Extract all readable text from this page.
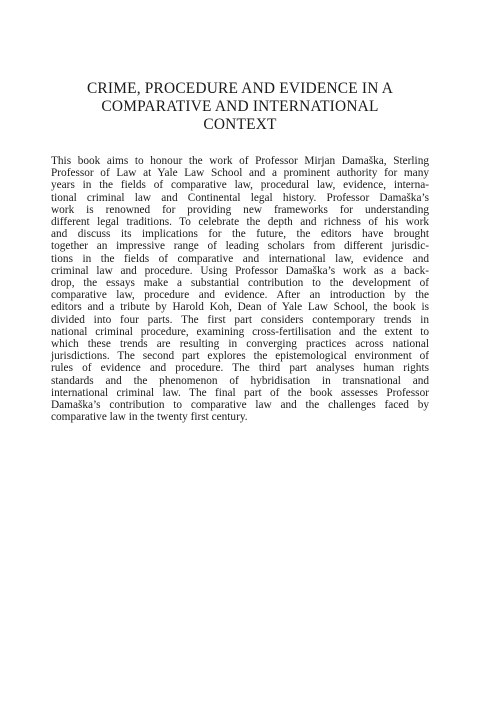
CRIME, PROCEDURE AND EVIDENCE IN A
COMPARATIVE AND INTERNATIONAL
CONTEXT
This book aims to honour the work of Professor Mirjan Damaška, Sterling
Professor of Law at Yale Law School and a prominent authority for many
years in the fields of comparative law, procedural law, evidence, interna-
tional criminal law and Continental legal history. Professor Damaška’s
work is renowned for providing new frameworks for understanding
different legal traditions. To celebrate the depth and richness of his work
and discuss its implications for the future, the editors have brought
together an impressive range of leading scholars from different jurisdic-
tions in the fields of comparative and international law, evidence and
criminal law and procedure. Using Professor Damaška’s work as a back-
drop, the essays make a substantial contribution to the development of
comparative law, procedure and evidence. After an introduction by the
editors and a tribute by Harold Koh, Dean of Yale Law School, the book is
divided into four parts. The first part considers contemporary trends in
national criminal procedure, examining cross-fertilisation and the extent to
which these trends are resulting in converging practices across national
jurisdictions. The second part explores the epistemological environment of
rules of evidence and procedure. The third part analyses human rights
standards and the phenomenon of hybridisation in transnational and
international criminal law. The final part of the book assesses Professor
Damaška’s contribution to comparative law and the challenges faced by
comparative law in the twenty first century.
